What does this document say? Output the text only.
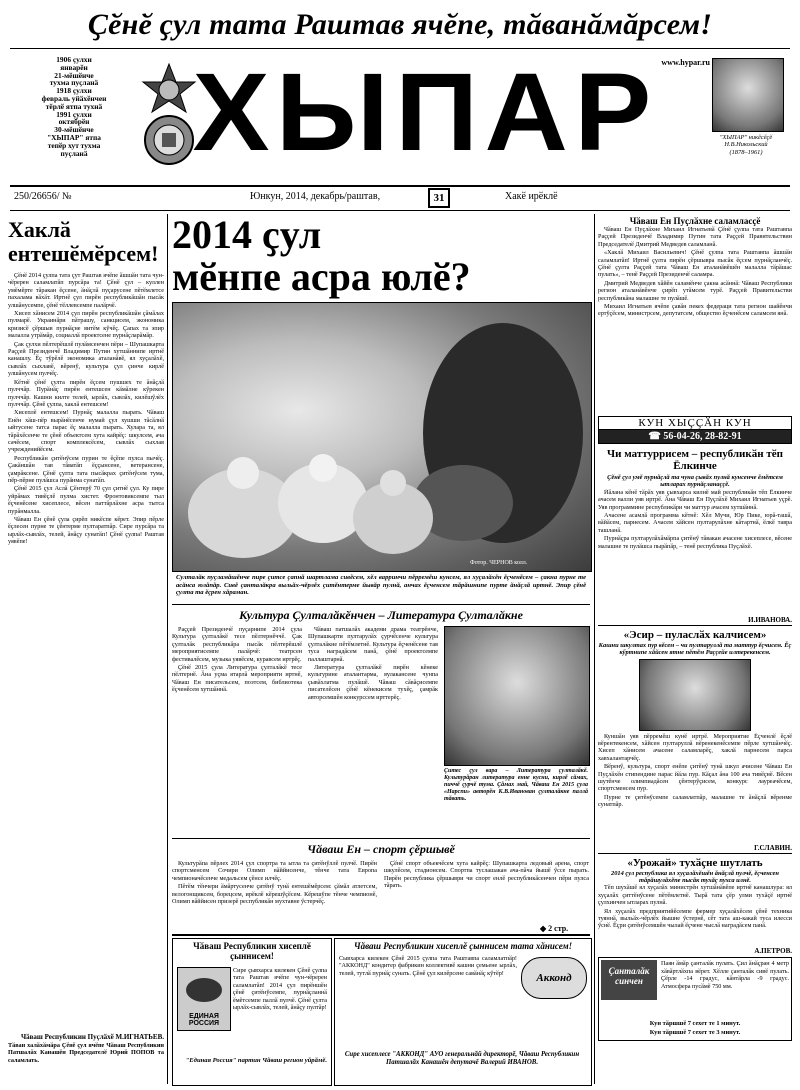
Ҫӗнӗ ҫул тата Раштав ячӗпе, тӑванӑмӑрсем!
1906 ҫулхи
январӗн
21-мӗшӗнче
тухма пуҫланӑ
1918 ҫулхи
февраль уйӑхӗнчен
тӗрлӗ ятпа тухнӑ
1991 ҫулхи
октябрӗн
30-мӗшӗнче
"ХЫПАР" ятпа
тепӗр хут тухма
пуҫланӑ ХЫПАР www.hypar.ru
"ХЫПАР" никӗсӗҫӗ
Н.В.Никольский
(1878–1961)
250/26656/ №	Юнкун, 2014, декабрь/раштав,	31	Хакӗ ирӗклӗ
Хаклӑ ентешӗмӗрсем!

Ҫӗнӗ 2014 ҫулпа тата ҫут Раштав ячӗпе ӑшшӑн тата чун-чӗререн саламлатӑп пурсӑра та! Ҫӗнӗ ҫул – куллен умӗмӗрте тӑракан ӗҫсене, ӑнӑҫлӑ пуҫарусене пӗтӗмлетсе пахалама вӑхӑт. Иртнӗ ҫул пирӗн республикӑшӑн пысӑк улшӑнусемпе, ҫӗнӗ тӗллевсемпе палӑрчӗ.

Хисеп хӑнисем 2014 ҫул пирӗн республикӑшӑн ҫӑмӑлах пулмарӗ. Украинӑри пӑтрашу, санкцисем, экономика кризисӗ ҫӗршыв пурнӑҫне витӗм кӳчӗҫ. Ҫапах та эпир малалла утрӑмӑр, социаллӑ проектсене пурнӑҫларӑмӑр.

Ҫак ҫулхи пӗлтерӗшлӗ пулӑмсенчен пӗри – Шупашкарта Раҫҫей Президенчӗ Владимир Путин хутшӑннипе иртнӗ канашлу. Ӗҫ тӳрӗлӗ экономика аталанӑвӗ, ял хуҫалӑхӗ, сывлӑх сыхлавӗ, вӗренӳ, культура ҫул ҫинче кирлӗ улшӑнусем пулчӗҫ.

Кӗтнӗ ҫӗнӗ ҫулта пирӗн ӗҫсем пушшех те ӑнӑҫлӑ пулччӑр. Пурӑнӑҫ пирӗн ентешсен кӑмӑлне кӳрекен пулччӑр. Кашни килте телей, ырлӑх, сывлӑх, килӗшӳлӗх пулччӑр. Ҫӗнӗ ҫулпа, хаклӑ ентешсем!

Хисеплӗ ентешсем! Пурнӑҫ малалла пырать. Чӑваш Енӗн хӑш-пӗр вырӑнӗсенче нумай ҫул хушши тӑсӑлнӑ ыйтусене татса парас ӗҫ малалла пырать. Хулара та, ял тӑрӑхӗсенче те ҫӗнӗ объектсем хута кайрӗҫ: шкулсем, ача сачӗсем, спорт комплексӗсем, сывлӑх сыхлав учрежденийӗсем.

Республикӑн ҫитӗнӳсем пурин те ӗҫӗпе пулса пычӗҫ. Ҫакӑншӑн тав тӑватӑп ӗҫҫынсене, ветерансене, ҫамрӑксене. Ҫӗнӗ ҫулта тата пысӑкрах ҫитӗнӳсем тума, пӗр-пӗрне пулӑшса пурӑнма сунатӑп.

Ҫӗнӗ 2015 ҫул Аслӑ Ҫӗнтерӳ 70 ҫул ҫитнӗ ҫул. Ку пире уйрӑмах тивӗҫлӗ пулма хистет. Фронтовиксемпе тыл ӗҫченӗсене хисеплесе, вӗсен паттӑрлӑхне асра тытса пурӑнмалла.

Чӑваш Ен ҫӗнӗ ҫула ҫирӗп никӗспе кӗрет. Эпир пӗрле ӗҫлесен пурне те ҫӗнтерме пултаратпӑр. Сире пурсӑра та ырлӑх-сывлӑх, телей, ӑнӑҫу сунатӑп! Ҫӗнӗ ҫулпа! Раштав уявӗпе!

Чӑваш Республикин Пуҫлӑхӗ М.ИГНАТЬЕВ.
Тӑван халӑхӑмӑра Ҫӗнӗ ҫул ячӗпе Чӑваш Республикин Патшалӑх Канашӗн Председателӗ Юрий ПОПОВ та саламлать.
2014 ҫул
мӗнпе асра юлӗ?
Фотор. ЧЕРНОВ колл.
Султалӑк пуҫламӑшӗнче пире ҫитсе ҫапнӑ шартлама сивӗсем, хӗл варринчи пӗрремӗш кунсем, ял хуҫалӑхӗн ӗҫченӗсем – ҫакна пурне те асӑнса юлӑпӑр. Сивӗ ҫанталӑкра выльӑх-чӗрлӗх ҫитӗнтерме йывӑр пулнӑ, анчах ӗҫченсем тӑрӑшнипе пурте ӑнӑҫлӑ иртнӗ. Эпир ҫӗнӗ ҫулта та ӗҫрен хӑраман.
Культура Ҫулталӑкӗнчен – Литература Ҫулталӑкне

Раҫҫей Президенчӗ пуҫарнипе 2014 ҫула Культура ҫулталӑкӗ тесе пӗлтернӗччӗ. Ҫак ҫулталӑк республикӑра пысӑк пӗлтерӗшлӗ мероприятисемпе палӑрчӗ: театрсен фестивалӗсем, музыка уявӗсем, куравсем иртрӗҫ.

Ҫӗнӗ 2015 ҫула Литература ҫулталӑкӗ тесе пӗлтернӗ. Ӑна уҫма ятарлӑ мероприяти иртнӗ, Чӑваш Ен писательсем, поэтсем, библиотека ӗҫченӗсем хутшӑннӑ.

Чӑваш патшалӑх академи драма театрӗнче, Шупашкарти пултарулӑх ҫурчӗсенче культура ҫулталӑкне пӗтӗмлетнӗ. Культура ӗҫченӗсене тав туса наградӑсем панӑ, ҫӗнӗ проектсемпе паллаштарнӑ.

Литература ҫулталӑкӗ пирӗн кӗнеке культурине аталантарма, вулакансене чунпа ҫывӑхлатма пулӑшӗ. Чӑваш сӑвӑҫисемпе писателӗсен ҫӗнӗ кӗнекисем тухӗҫ, ҫамрӑк авторсемшӗн конкурссем ирттерӗҫ.

Ҫитес ҫул вара – Литература ҫулталӑкӗ. Культурӑран литература енне кусни, кирлӗ сӑмах, пиччӗ ҫурчӗ тума. Ҫӑмах май, Чӑваш Ен 2015 ҫула «Нарспи» авторӗн К.В.Иванован ҫулталӑкне паллӑ тӑвать.
Чӑваш Ен – спорт ҫӗршывӗ

Культурӑпа пӗрлех 2014 ҫул спортра та ытла та ҫитӗнӳллӗ пулчӗ. Пирӗн спортсменсем Сочири Олимп вӑййисенче, тӗнче тата Европа чемпионачӗсенче медальсем ҫӗнсе илчӗҫ.

Пӗтӗм тӗнчери ӑмӑртусенче ҫитӗнӳ тунӑ ентешӗмӗрсем: ҫӑмӑл атлетсем, велогонщиксем, борецсем, ирӗклӗ кӗрешӳҫӗсем. Кӗрешӳпе тӗнче чемпионӗ, Олимп вӑййисен призерӗ республикӑн мухтавне ӳстерчӗҫ.

Ҫӗнӗ спорт объекчӗсем хута кайрӗҫ: Шупашкарта ледовый арена, спорт шкулӗсем, стадионсем. Спортпа туслашакан ача-пӑча йышӗ ӳссе пырать. Пирӗн республика ҫӗршыври чи спорт енлӗ республикӑсенчен пӗри пулса тӑрать.

◆ 2 стр.
Чӑваш Республикин хисеплӗ ҫыннисем!
ЕДИНАЯ РОССИЯ
Сире ҫывхарса килекен Ҫӗнӗ ҫулпа тата Раштав ячӗпе чун-чӗререн саламлатӑп! 2014 ҫул пирӗншӗн ҫӗнӗ ҫитӗнӳсемпе, пурнӑҫланнӑ ӗмӗтсемпе паллӑ пулчӗ. Ҫӗнӗ ҫулта ырлӑх-сывлӑх, телей, ӑнӑҫу пултӑр!
"Единая Россия" партин Чӑваш регион уйрӑмӗ.
Чӑваш Республикин хисеплӗ ҫыннисем тата хӑнисем!
Сывхарса килекен Ҫӗнӗ 2015 ҫулпа тата Раштавпа саламлатпӑр! "АККОНД" кондитер фабрикин коллективӗ кашни ҫемьене ырлӑх, телей, тутлӑ пурнӑҫ сунать. Ҫӗнӗ ҫул килӗрсене савӑнӑҫ кӳтӗр!	Акконд
Сире хисеплесе "АККОНД" АУО генеральнӑй директорӗ, Чӑваш Республикин Патшалӑх Канашӗн депутачӗ Валерий ИВАНОВ.
Чӑваш Ен Пуҫлӑхне саламласҫӗ

Чӑваш Ен Пуҫлӑхне Михаил Игнатьевӑ Ҫӗнӗ ҫулпа тата Раштавпа Раҫҫей Президенчӗ Владимир Путин тата Раҫҫей Правительствин Председателӗ Дмитрий Медведев саламланӑ.

«Хаклӑ Михаил Васильевич! Ҫӗнӗ ҫулпа тата Раштавпа ӑшшӑн саламлатӑп! Иртнӗ ҫулта пирӗн ҫӗршывра пысӑк ӗҫсем пурнӑҫланчӗҫ. Ҫӗнӗ ҫулта Раҫҫей тата Чӑваш Ен аталанӑвӗшӗн малалла тӑрӑшас пулать», – тенӗ Раҫҫей Президенчӗ саламра.

Дмитрий Медведев хӑйӗн саламӗнче ҫакна асӑннӑ: Чӑваш Республики регион аталанӑвӗнче ҫирӗп утӑмсем турӗ. Раҫҫей Правительстви республикӑна малашне те пулӑшӗ.

Михаил Игнатьев ячӗпе ҫавӑн пекех федераци тата регион шайӗнчи ертӳҫӗсем, министрсем, депутатсем, общество ӗҫченӗсем саламсем янӑ.

КУН ХЫҪҪӐН КУН
☎ 56-04-26, 28-82-91
Чи маттуррисем – республикӑн тӗп Ёлкинче
Ҫӗнӗ ҫул умӗ пурнӑҫлӑ та чуна ҫывӑх пулнӑ кунсенче ӗмӗтсем ытларах пурнӑҫланаҫҫӗ.

Йӑлана кӗнӗ тӑрӑх уяв ҫывхарса килнӗ май республикӑн тӗп Ёлкинче ачасем валли уяв иртрӗ. Ӑна Чӑваш Ен Пуҫлӑхӗ Михаил Игнатьев уҫрӗ. Уяв программине республикӑри чи маттур ачасем хутшӑннӑ.

Ачасене асамлӑ программа кӗтнӗ: Хӗл Мучи, Юр Пике, юрӑ-ташӑ, вӑйӑсем, парнесем. Ачасем хӑйсен пултарулӑхне кӑтартнӑ, ӗлкӗ тавра ташланӑ.

Пурнӑҫра пултарулӑхӑмӑрпа ҫитӗнӳ тӑвакан ачасене хисеплесе, вӗсене малашне те пулӑшса пырӑпӑр, – тенӗ республика Пуҫлӑхӗ.

И.ИВАНОВА.
«Эсир – пуласлӑх калчисем»
Кашни шкултах пур вӗсем – чи пултаруллӑ та маттур ӗҫчисем. Ӗҫ кӳртнипе хӑйсен ятне пӗтӗм Раҫҫейе илтерекенсем.

Куншӑн уяв пӗрремӗш кунӗ иртрӗ. Мероприятие Ӗҫченлӗ ӗҫлӗ вӗрентекенсем, хӑйсен пултаруллӑ вӗренекенӗсемпе пӗрле хутшӑнчӗҫ. Хисеп хӑнисем ачасене саламларӗҫ, хаклӑ парнесем парса хавхалантарчӗҫ.

Вӗренӳ, культура, спорт енӗпе ҫитӗнӳ тунӑ шкул ачисене Чӑваш Ен Пуҫлӑхӗн стипендине парас йӑла пур. Кӑҫал ӑна 100 ача тивӗҫнӗ. Вӗсен шутӗнче олимпиадӑсен ҫӗнтерӳҫисем, конкурс лауреачӗсем, спортсменсем пур.

Пурне те ҫитӗнӳсемпе саламлатпӑр, малашне те ӑнӑҫлӑ вӗренме сунатпӑр.

Г.СЛАВИН.
«Урожай» тухӑҫне шутлать
2014 ҫул республика ял хуҫалӑхӗшӗн ӑнӑҫлӑ пулчӗ, ӗҫченсен тӑрӑшулӑхӗпе пысӑк тухӑҫ пухса илнӗ.

Тӗп шухӑшӗ ял хуҫалӑх министрӗн хутшӑнӑвӗпе иртнӗ канашлура: ял хуҫалӑх ҫиттӗнӳсене пӗтӗмлетнӗ. Тырӑ тата ҫӗр улми тухӑҫӗ иртнӗ ҫулхинчен ытларах пулнӑ.

Ял хуҫалӑх предприятийӗсемпе фермер хуҫалӑхӗсем ҫӗнӗ техника туяннӑ, выльӑх-чӗрлӗх йышне ӳстернӗ, сӗт тата аш-какай туса илесси ӳснӗ. Ӗҫри ҫитӗнӳсемшӗн чылай ӗҫчене чыслӑ наградӑсем панӑ.

А.ПЕТРОВ.
Ҫанталӑк синчен
Паян ӑмӑр ҫанталӑк пулать. Ҫил ӑнӑҫран 4 метр хӑвӑртлӑхпа вӗрет. Хӗлле ҫанталӑк сивӗ пулать. Ҫӗрле -14 градус, кӑнтӑрла -9 градус. Атмосфера пусӑмӗ 750 мм.
Кун тӑршшӗ 7 сехет те 1 минут.
Кун тӑршшӗ 7 сехет те 3 минут.
